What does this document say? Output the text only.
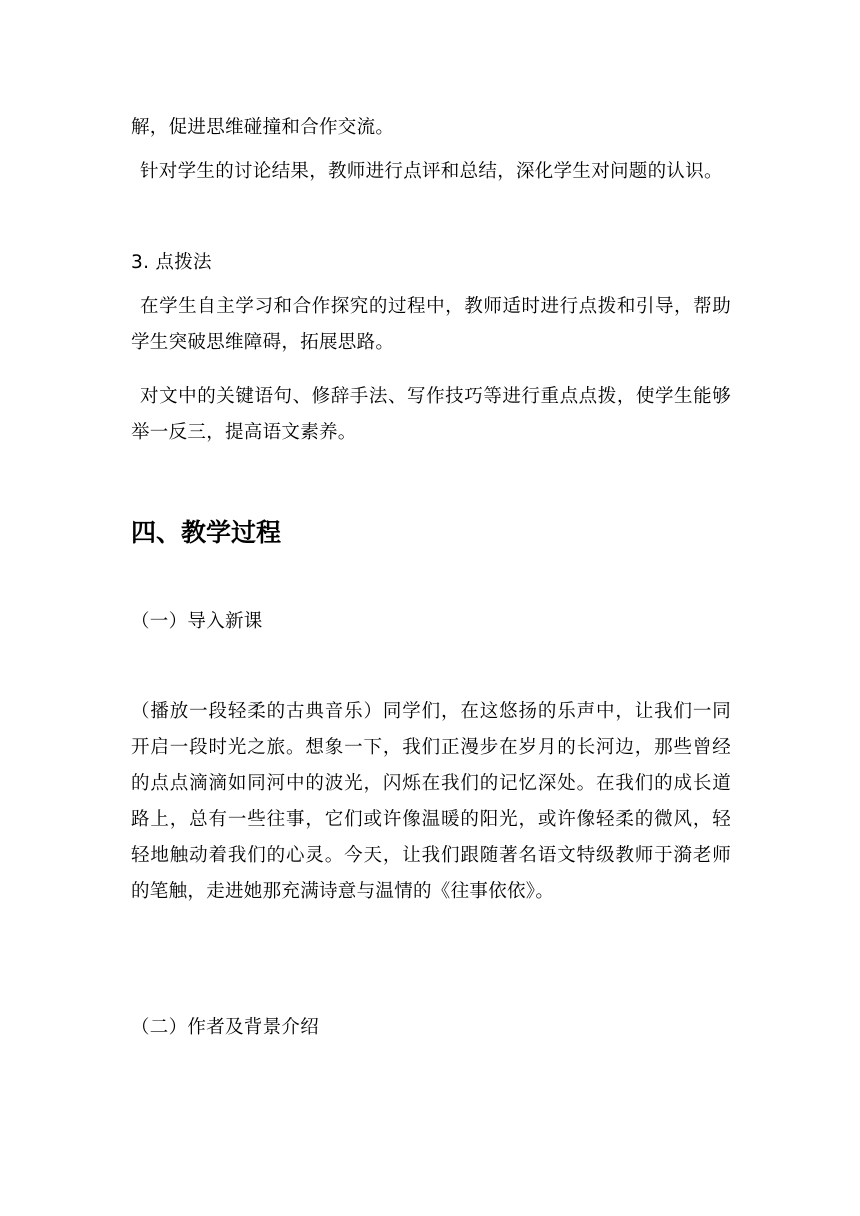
解，促进思维碰撞和合作交流。

针对学生的讨论结果，教师进行点评和总结，深化学生对问题的认识。

3. 点拨法

在学生自主学习和合作探究的过程中，教师适时进行点拨和引导，帮助学生突破思维障碍，拓展思路。

对文中的关键语句、修辞手法、写作技巧等进行重点点拨，使学生能够举一反三，提高语文素养。

四、教学过程

（一）导入新课

（播放一段轻柔的古典音乐）同学们，在这悠扬的乐声中，让我们一同开启一段时光之旅。想象一下，我们正漫步在岁月的长河边，那些曾经的点点滴滴如同河中的波光，闪烁在我们的记忆深处。在我们的成长道路上，总有一些往事，它们或许像温暖的阳光，或许像轻柔的微风，轻轻地触动着我们的心灵。今天，让我们跟随著名语文特级教师于漪老师的笔触，走进她那充满诗意与温情的《往事依依》。

（二）作者及背景介绍
